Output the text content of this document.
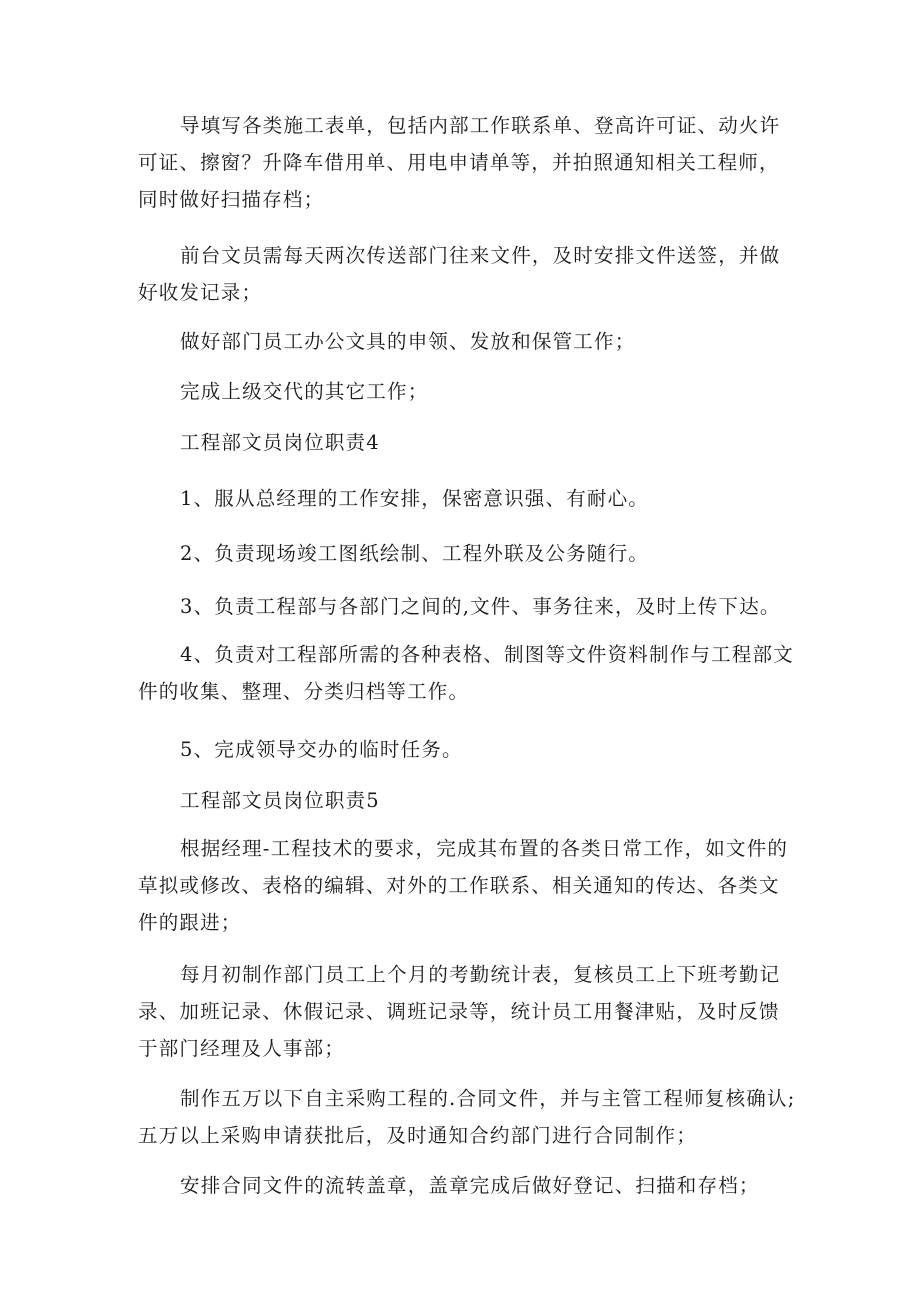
导填写各类施工表单，包括内部工作联系单、登高许可证、动火许可证、擦窗？升降车借用单、用电申请单等，并拍照通知相关工程师，同时做好扫描存档；

前台文员需每天两次传送部门往来文件，及时安排文件送签，并做好收发记录；

做好部门员工办公文具的申领、发放和保管工作；

完成上级交代的其它工作；

工程部文员岗位职责4

1、服从总经理的工作安排，保密意识强、有耐心。

2、负责现场竣工图纸绘制、工程外联及公务随行。

3、负责工程部与各部门之间的,文件、事务往来，及时上传下达。

4、负责对工程部所需的各种表格、制图等文件资料制作与工程部文件的收集、整理、分类归档等工作。

5、完成领导交办的临时任务。

工程部文员岗位职责5

根据经理-工程技术的要求，完成其布置的各类日常工作，如文件的草拟或修改、表格的编辑、对外的工作联系、相关通知的传达、各类文件的跟进；

每月初制作部门员工上个月的考勤统计表，复核员工上下班考勤记录、加班记录、休假记录、调班记录等，统计员工用餐津贴，及时反馈于部门经理及人事部；

制作五万以下自主采购工程的.合同文件，并与主管工程师复核确认;五万以上采购申请获批后，及时通知合约部门进行合同制作；

安排合同文件的流转盖章，盖章完成后做好登记、扫描和存档；
